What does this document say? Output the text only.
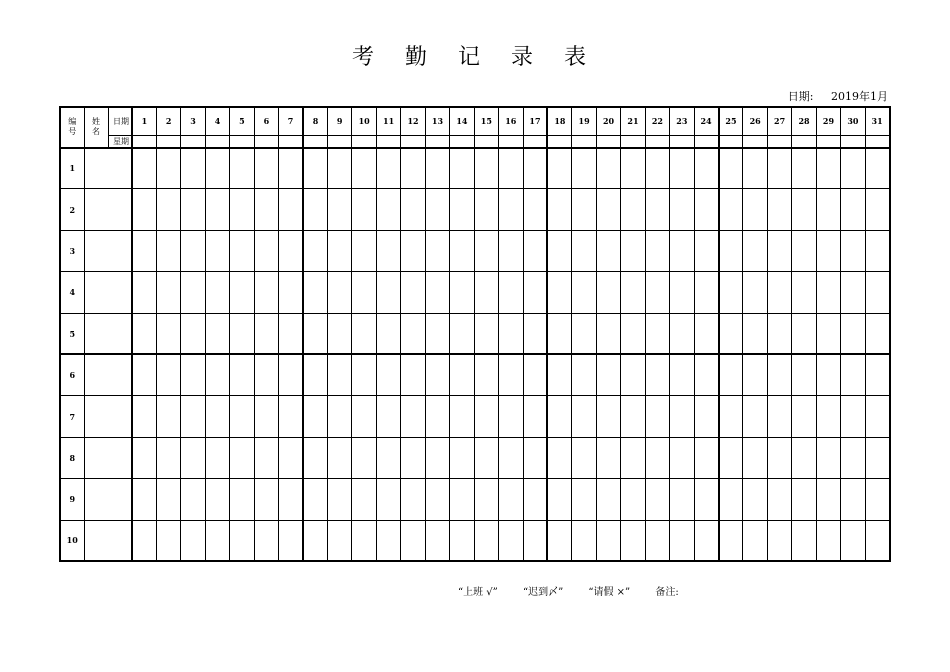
考 勤 记 录 表
日期: 2019年1月
编号	姓名	日期	1	2	3	4	5	6	7	8	9	10	11	12	13	14	15	16	17	18	19	20	21	22	23	24	25	26	27	28	29	30	31
		星期																															
1																																	
2																																	
3																																	
4																																	
5																																	
6																																	
7																																	
8																																	
9																																	
10																																	
“上班 √”	“迟到〆”	“请假 ×”	备注:
